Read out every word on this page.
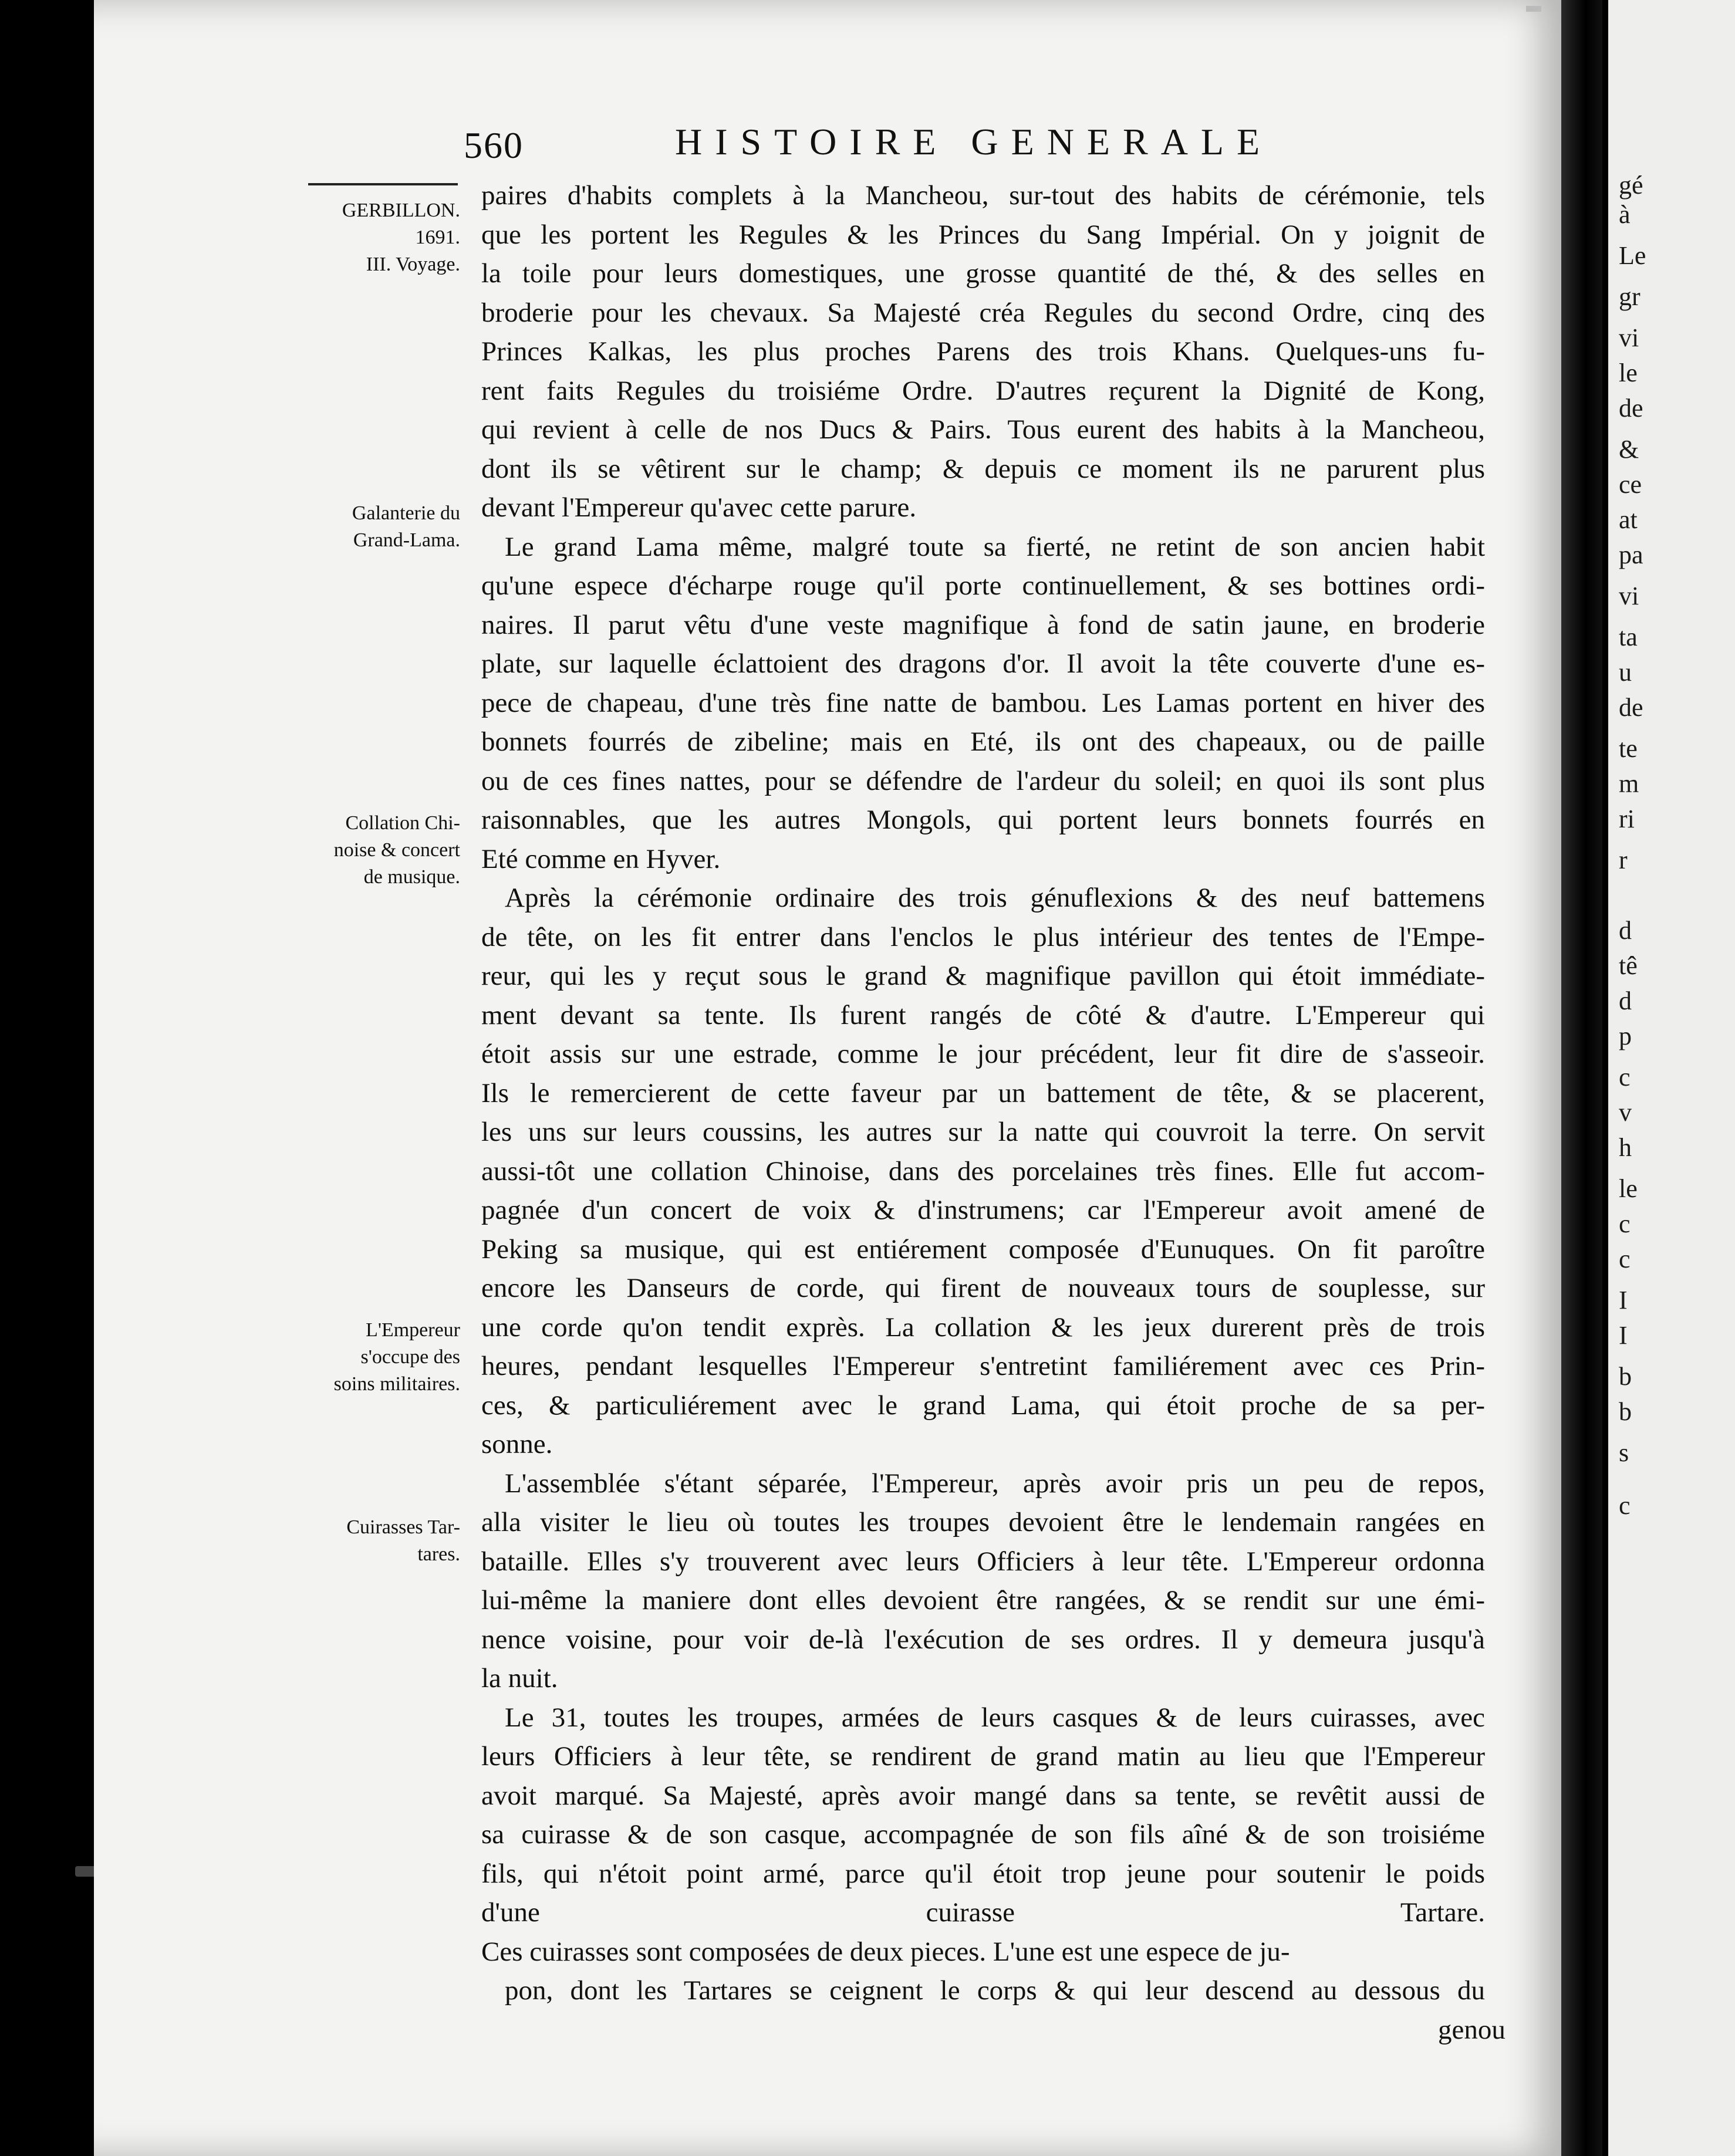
gé
à
Le
gr
vi
le
de
&
ce
at
pa
vi
ta
u
de
te
m
ri
r
d
tê
d
p
c
v
h
le
c
c
I
I
b
b
s
c
560	HISTOIRE GENERALE
GERBILLON.
1691.
III. Voyage.
Galanterie du
Grand-Lama.
Collation Chi-
noise & concert
de musique.
L'Empereur
s'occupe des
soins militaires.
Cuirasses Tar-
tares.
paires d'habits complets à la Mancheou, sur-tout des habits de cérémonie, tels
que les portent les Regules & les Princes du Sang Impérial. On y joignit de
la toile pour leurs domestiques, une grosse quantité de thé, & des selles en
broderie pour les chevaux. Sa Majesté créa Regules du second Ordre, cinq des
Princes Kalkas, les plus proches Parens des trois Khans. Quelques-uns fu-
rent faits Regules du troisiéme Ordre. D'autres reçurent la Dignité de Kong,
qui revient à celle de nos Ducs & Pairs. Tous eurent des habits à la Mancheou,
dont ils se vêtirent sur le champ; & depuis ce moment ils ne parurent plus
devant l'Empereur qu'avec cette parure.
Le grand Lama même, malgré toute sa fierté, ne retint de son ancien habit
qu'une espece d'écharpe rouge qu'il porte continuellement, & ses bottines ordi-
naires. Il parut vêtu d'une veste magnifique à fond de satin jaune, en broderie
plate, sur laquelle éclattoient des dragons d'or. Il avoit la tête couverte d'une es-
pece de chapeau, d'une très fine natte de bambou. Les Lamas portent en hiver des
bonnets fourrés de zibeline; mais en Eté, ils ont des chapeaux, ou de paille
ou de ces fines nattes, pour se défendre de l'ardeur du soleil; en quoi ils sont plus
raisonnables, que les autres Mongols, qui portent leurs bonnets fourrés en
Eté comme en Hyver.
Après la cérémonie ordinaire des trois génuflexions & des neuf battemens
de tête, on les fit entrer dans l'enclos le plus intérieur des tentes de l'Empe-
reur, qui les y reçut sous le grand & magnifique pavillon qui étoit immédiate-
ment devant sa tente. Ils furent rangés de côté & d'autre. L'Empereur qui
étoit assis sur une estrade, comme le jour précédent, leur fit dire de s'asseoir.
Ils le remercierent de cette faveur par un battement de tête, & se placerent,
les uns sur leurs coussins, les autres sur la natte qui couvroit la terre. On servit
aussi-tôt une collation Chinoise, dans des porcelaines très fines. Elle fut accom-
pagnée d'un concert de voix & d'instrumens; car l'Empereur avoit amené de
Peking sa musique, qui est entiérement composée d'Eunuques. On fit paroître
encore les Danseurs de corde, qui firent de nouveaux tours de souplesse, sur
une corde qu'on tendit exprès. La collation & les jeux durerent près de trois
heures, pendant lesquelles l'Empereur s'entretint familiérement avec ces Prin-
ces, & particuliérement avec le grand Lama, qui étoit proche de sa per-
sonne.
L'assemblée s'étant séparée, l'Empereur, après avoir pris un peu de repos,
alla visiter le lieu où toutes les troupes devoient être le lendemain rangées en
bataille. Elles s'y trouverent avec leurs Officiers à leur tête. L'Empereur ordonna
lui-même la maniere dont elles devoient être rangées, & se rendit sur une émi-
nence voisine, pour voir de-là l'exécution de ses ordres. Il y demeura jusqu'à
la nuit.
Le 31, toutes les troupes, armées de leurs casques & de leurs cuirasses, avec
leurs Officiers à leur tête, se rendirent de grand matin au lieu que l'Empereur
avoit marqué. Sa Majesté, après avoir mangé dans sa tente, se revêtit aussi de
sa cuirasse & de son casque, accompagnée de son fils aîné & de son troisiéme
fils, qui n'étoit point armé, parce qu'il étoit trop jeune pour soutenir le poids
d'une cuirasse Tartare.
Ces cuirasses sont composées de deux pieces. L'une est une espece de ju-
pon, dont les Tartares se ceignent le corps & qui leur descend au dessous du
genou
